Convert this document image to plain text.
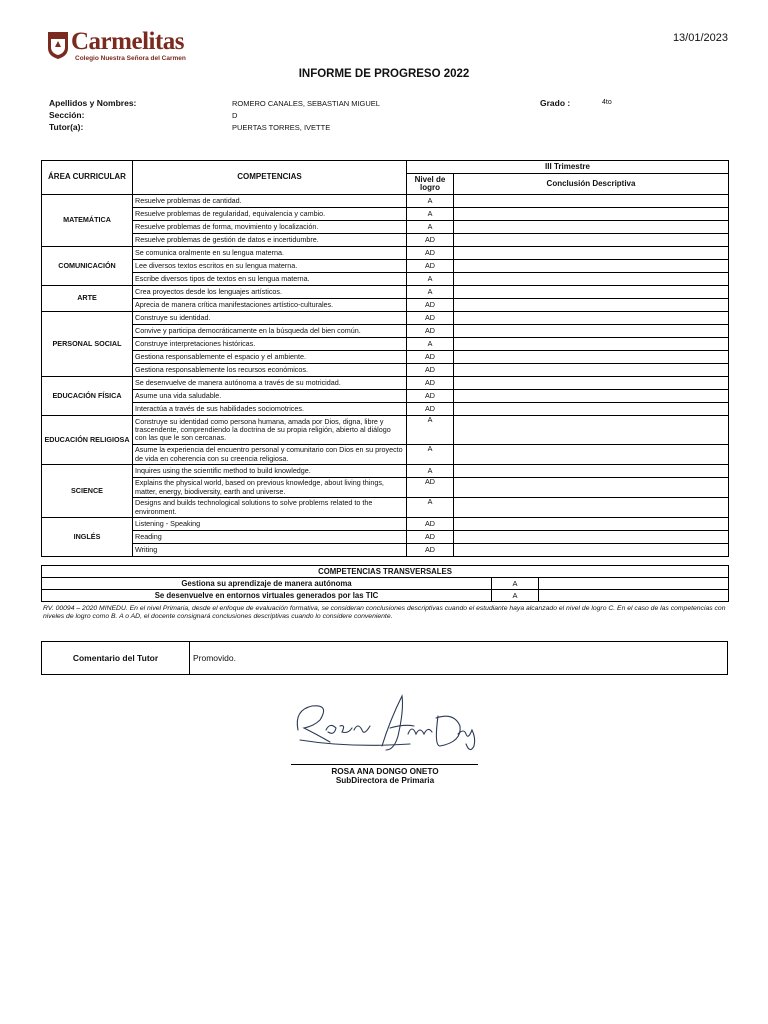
Carmelitas
Colegio Nuestra Señora del Carmen
13/01/2023
INFORME DE PROGRESO 2022
Apellidos y Nombres:	ROMERO CANALES, SEBASTIAN MIGUEL
Sección:	D
Tutor(a):	PUERTAS TORRES, IVETTE
Grado :	4to
ÁREA CURRICULAR	COMPETENCIAS	III Trimestre	
		Nivel de logro	Conclusión Descriptiva
MATEMÁTICA	Resuelve problemas de cantidad.	A	
	Resuelve problemas de regularidad, equivalencia y cambio.	A	
	Resuelve problemas de forma, movimiento y localización.	A	
	Resuelve problemas de gestión de datos e incertidumbre.	AD	
COMUNICACIÓN	Se comunica oralmente en su lengua materna.	AD	
	Lee diversos textos escritos en su lengua materna.	AD	
	Escribe diversos tipos de textos en su lengua materna.	A	
ARTE	Crea proyectos desde los lenguajes artísticos.	A	
	Aprecia de manera crítica manifestaciones artístico-culturales.	AD	
PERSONAL SOCIAL	Construye su identidad.	AD	
	Convive y participa democráticamente en la búsqueda del bien común.	AD	
	Construye interpretaciones históricas.	A	
	Gestiona responsablemente el espacio y el ambiente.	AD	
	Gestiona responsablemente los recursos económicos.	AD	
EDUCACIÓN FÍSICA	Se desenvuelve de manera autónoma a través de su motricidad.	AD	
	Asume una vida saludable.	AD	
	Interactúa a través de sus habilidades sociomotrices.	AD	
EDUCACIÓN RELIGIOSA	Construye su identidad como persona humana, amada por Dios, digna, libre y trascendente, comprendiendo la doctrina de su propia religión, abierto al diálogo con las que le son cercanas.	A	
	Asume la experiencia del encuentro personal y comunitario con Dios en su proyecto de vida en coherencia con su creencia religiosa.	A	
SCIENCE	Inquires using the scientific method to build knowledge.	A	
	Explains the physical world, based on previous knowledge, about living things, matter, energy, biodiversity, earth and universe.	AD	
	Designs and builds technological solutions to solve problems related to the environment.	A	
INGLÉS	Listening - Speaking	AD	
	Reading	AD	
	Writing	AD	
COMPETENCIAS TRANSVERSALES		
Gestiona su aprendizaje de manera autónoma	A	
Se desenvuelve en entornos virtuales generados por las TIC	A	
RV. 00094 – 2020 MINEDU. En el nivel Primaria, desde el enfoque de evaluación formativa, se consideran conclusiones descriptivas cuando el estudiante haya alcanzado el nivel de logro C. En el caso de las competencias con niveles de logro como B. A o AD, el docente consignará conclusiones descriptivas cuando lo considere conveniente.
Comentario del Tutor	Promovido.
ROSA ANA DONGO ONETO
SubDirectora de Primaria
